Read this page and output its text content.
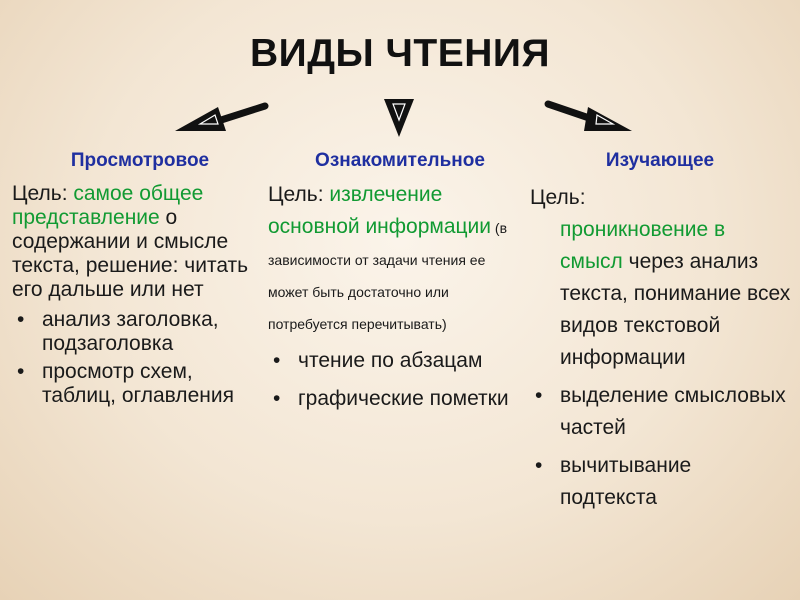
ВИДЫ ЧТЕНИЯ
Просмотровое	Ознакомительное	Изучающее

Цель: самое общее представление о содержании и смысле текста, решение: читать его дальше или нет

• анализ заголовка, подзаголовка
• просмотр схем, таблиц, оглавления

Цель: извлечение основной информации (в зависимости от задачи чтения ее может быть достаточно или потребуется перечитывать)

• чтение по абзацам
• графические пометки

Цель:

проникновение в смысл через анализ текста, понимание всех видов текстовой информации

• выделение смысловых частей
• вычитывание подтекста
